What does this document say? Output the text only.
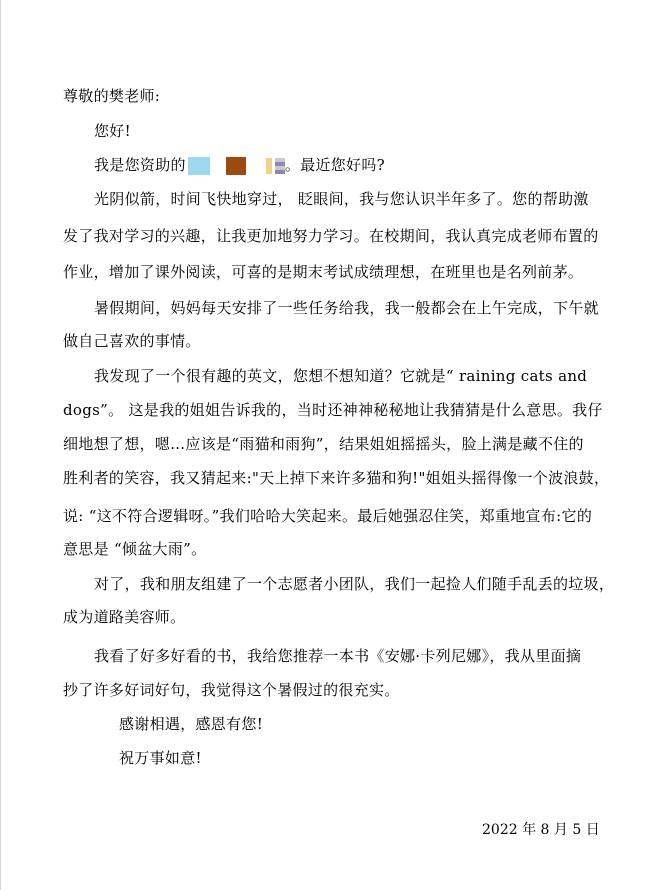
尊敬的樊老师:
您好!
我是您资助的	。最近您好吗?
光阴似箭，时间飞快地穿过， 眨眼间，我与您认识半年多了。您的帮助激
发了我对学习的兴趣，让我更加地努力学习。在校期间，我认真完成老师布置的
作业，增加了课外阅读，可喜的是期末考试成绩理想，在班里也是名列前茅。
暑假期间，妈妈每天安排了一些任务给我，我一般都会在上午完成，下午就
做自己喜欢的事情。
我发现了一个很有趣的英文，您想不想知道？它就是“ raining cats and
dogs”。 这是我的姐姐告诉我的，当时还神神秘秘地让我猜猜是什么意思。我仔
细地想了想，嗯…应该是“雨猫和雨狗”，结果姐姐摇摇头，脸上满是藏不住的
胜利者的笑容，我又猜起来:"天上掉下来许多猫和狗!"姐姐头摇得像一个波浪鼓，
说: “这不符合逻辑呀。”我们哈哈大笑起来。最后她强忍住笑，郑重地宣布:它的
意思是 “倾盆大雨”。
对了，我和朋友组建了一个志愿者小团队，我们一起捡人们随手乱丢的垃圾，
成为道路美容师。
我看了好多好看的书，我给您推荐一本书《安娜·卡列尼娜》，我从里面摘
抄了许多好词好句，我觉得这个暑假过的很充实。
感谢相遇，感恩有您!
祝万事如意!
2022 年 8 月 5 日
